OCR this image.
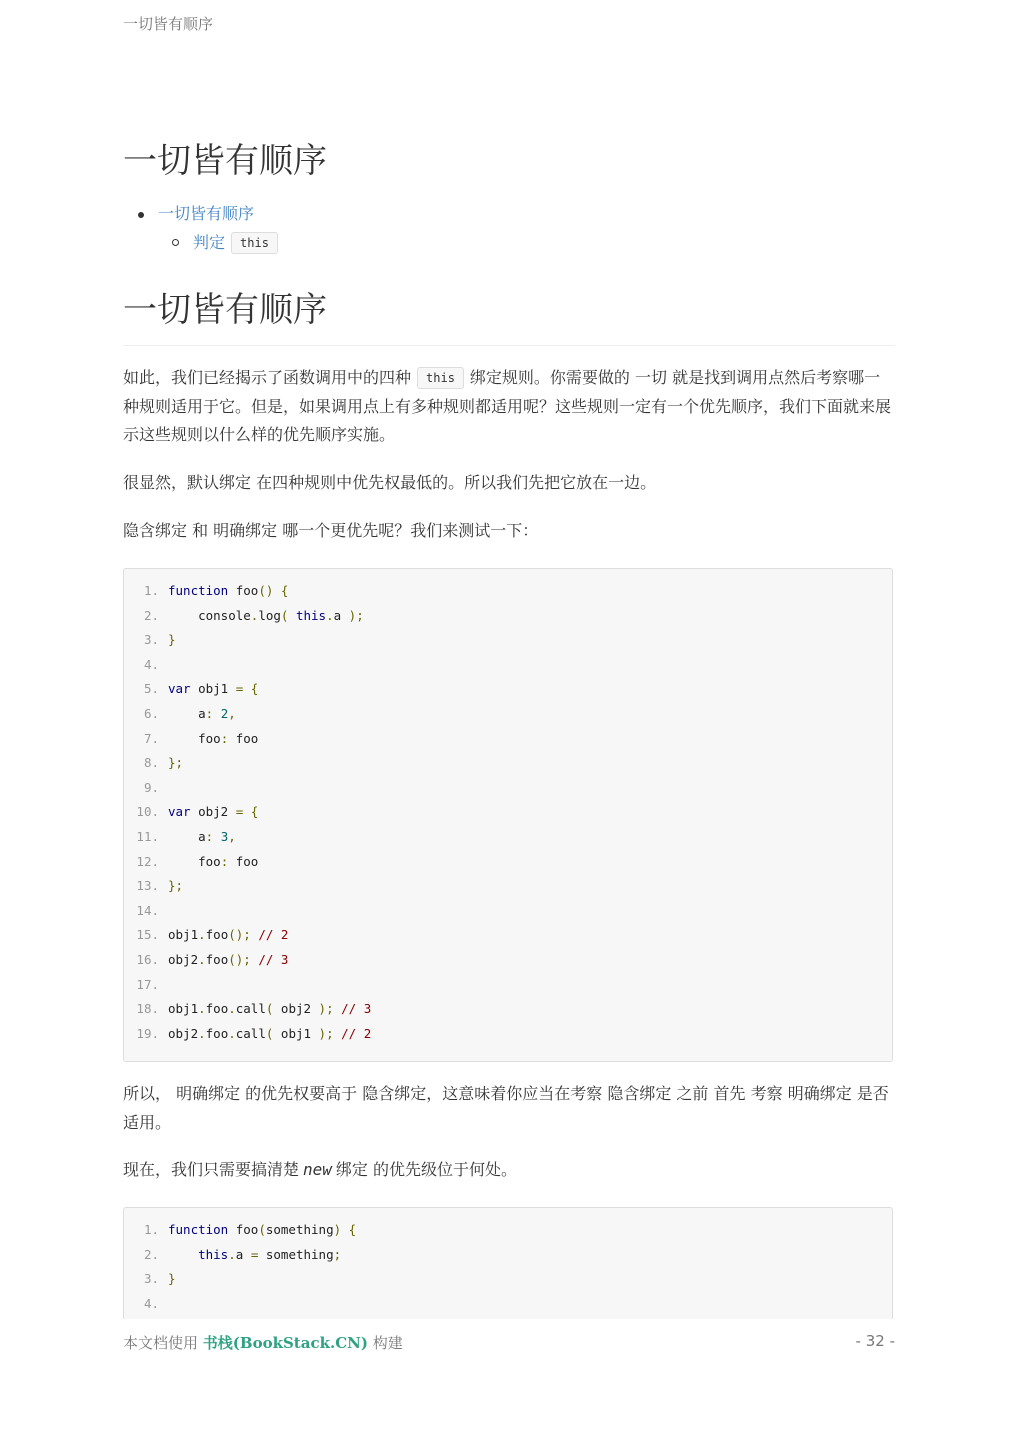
一切皆有顺序
一切皆有顺序
一切皆有顺序
判定 this
一切皆有顺序

如此，我们已经揭示了函数调用中的四种 this 绑定规则。你需要做的 一切 就是找到调用点然后考察哪一种规则适用于它。但是，如果调用点上有多种规则都适用呢？这些规则一定有一个优先顺序，我们下面就来展示这些规则以什么样的优先顺序实施。

很显然，默认绑定 在四种规则中优先权最低的。所以我们先把它放在一边。

隐含绑定 和 明确绑定 哪一个更优先呢？我们来测试一下：

1. function foo() {
2.    console.log( this.a );
3. }
4.
5. var obj1 = {
6.    a: 2,
7.    foo: foo
8. };
9.
10. var obj2 = {
11.    a: 3,
12.    foo: foo
13. };
14.
15. obj1.foo(); // 2
16. obj2.foo(); // 3
17.
18. obj1.foo.call( obj2 ); // 3
19. obj2.foo.call( obj1 ); // 2

所以， 明确绑定 的优先权要高于 隐含绑定，这意味着你应当在考察 隐含绑定 之前 首先 考察 明确绑定 是否适用。

现在，我们只需要搞清楚 new 绑定 的优先级位于何处。

1. function foo(something) {
2.	this.a = something;
3. }
4.
本文档使用 书栈(BookStack.CN) 构建	- 32 -
